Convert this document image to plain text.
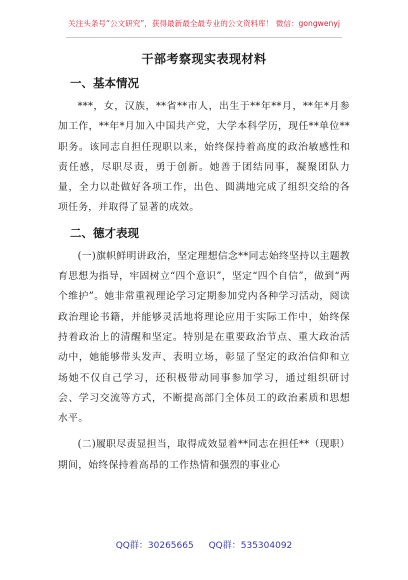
关注头条号“公文研究”，获得最新最全最专业的公文资料库！ 微信：gongwenyj
干部考察现实表现材料
一、基本情况

***，女，汉族，**省**市人，出生于**年**月，**年*月参加工作，**年*月加入中国共产党，大学本科学历，现任**单位**职务。该同志自担任现职以来，始终保持着高度的政治敏感性和责任感，尽职尽责，勇于创新。她善于团结同事，凝聚团队力量，全力以赴做好各项工作，出色、圆满地完成了组织交给的各项任务，并取得了显著的成效。

二、德才表现

(一)旗帜鲜明讲政治，坚定理想信念**同志始终坚持以主题教育思想为指导，牢固树立“四个意识”，坚定“四个自信”，做到“两个维护”。她非常重视理论学习定期参加党内各种学习活动，阅读政治理论书籍，并能够灵活地将理论应用于实际工作中，始终保持着政治上的清醒和坚定。特别是在重要政治节点、重大政治活动中，她能够带头发声、表明立场，彰显了坚定的政治信仰和立场她不仅自己学习，还积极带动同事参加学习，通过组织研讨会、学习交流等方式，不断提高部门全体员工的政治素质和思想水平。

(二)履职尽责显担当，取得成效显着**同志在担任**（现职）期间，始终保持着高昂的工作热情和强烈的事业心

QQ群：30265665 QQ群：535304092
